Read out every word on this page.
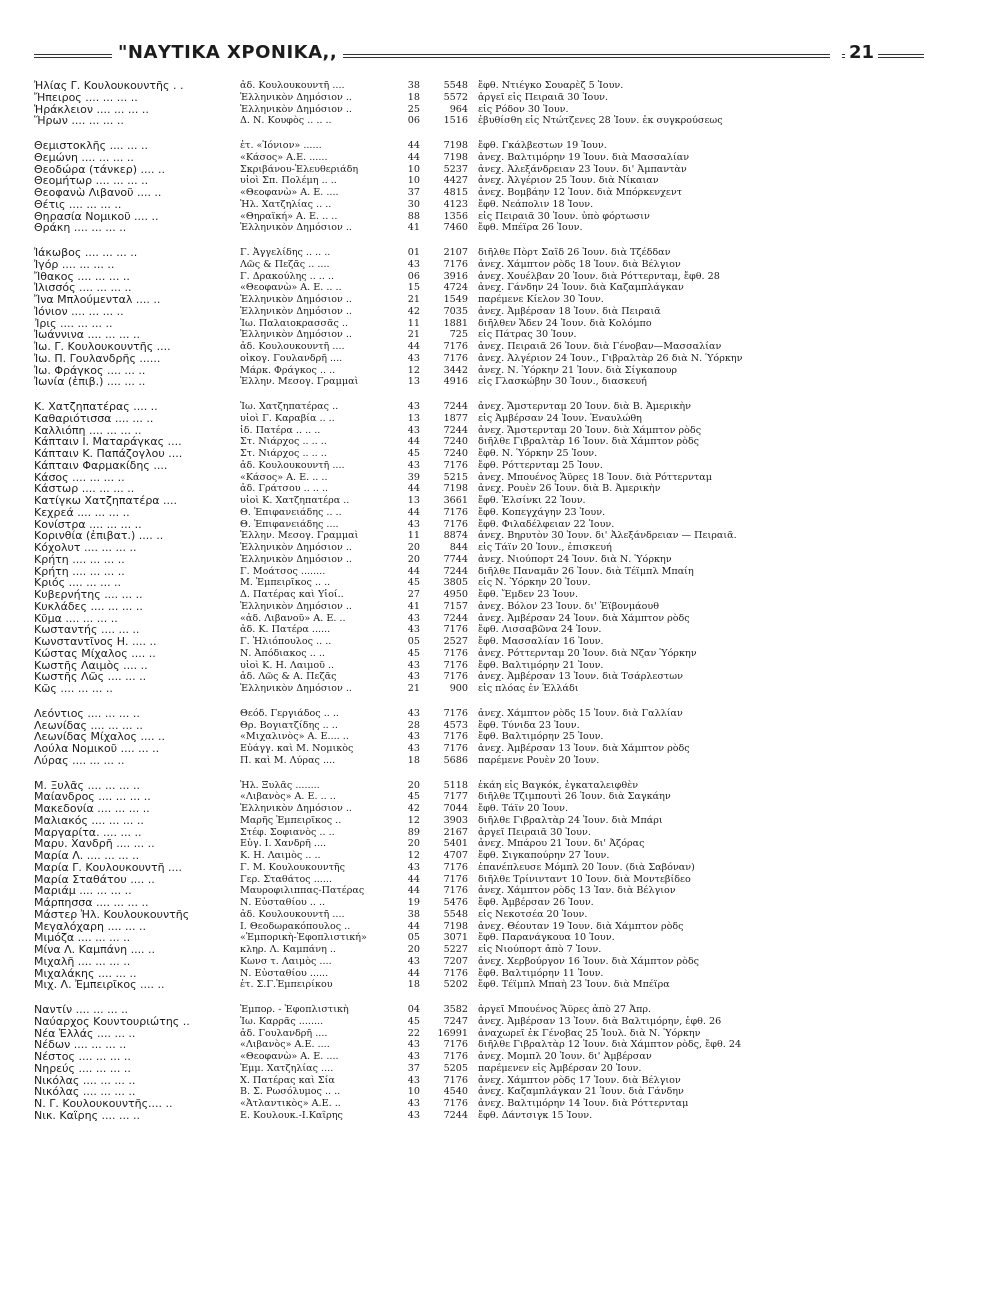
"ΝΑΥΤΙΚΑ ΧΡΟΝΙΚΑ,,	21
Ἠλίας Γ. Κουλουκουντῆς . .	ἀδ. Κουλουκουντῆ ....	38	5548 ἔφθ. Ντιέγκο Σουαρὲζ 5 Ἰουν.
Ἤπειρος .... ... ... ..	Ἑλληνικὸν Δημόσιον ..	18	5572 ἀργεῖ εἰς Πειραιᾶ 30 Ἰουν.
Ἡράκλειον .... ... ... ..	Ἑλληνικὸν Δημόσιον ..	25	964 εἰς Ρόδον 30 Ἰουν.
Ἥρων .... ... ... ..	Δ. Ν. Κουφὸς .. .. ..	06	1516 ἐβυθίσθη εἰς Ντώτζενες 28 Ἰουν. ἐκ συγκρούσεως
Θεμιστοκλῆς .... ... ..	ἐτ. «Ἰόνιον» ......	44	7198 ἔφθ. Γκάλβεστων 19 Ἰουν.
Θεμώνη .... ... ... ..	«Κάσος» Α.Ε. ......	44	7198 ἀνεχ. Βαλτιμόρην 19 Ἰουν. διὰ Μασσαλίαν
Θεοδώρα (τάνκερ) .... ..	Σκριβάνου-Ἐλευθεριάδη	10	5237 ἀνεχ. Ἀλεξάνδρειαν 23 Ἰουν. δι' Ἀμπαντὰν
Θεομήτωρ .... ... ... ..	υἱοὶ Σπ. Πολέμη .. ..	10	4427 ἀνεχ. Ἀλγέριον 25 Ἰουν. διὰ Νίκαιαν
Θεοφανὼ Λιβανοῦ .... ..	«Θεοφανὼ» Α. Ε. ....	37	4815 ἀνεχ. Βομβάην 12 Ἰουν. διὰ Μπόρκενχεντ
Θέτις .... ... ... ..	Ἠλ. Χατζηλίας .. ..	30	4123 ἔφθ. Νεάπολιν 18 Ἰουν.
Θηρασία Νομικοῦ .... ..	«Θηραϊκή» Α. Ε. .. ..	88	1356 εἰς Πειραιᾶ 30 Ἰουν. ὑπὸ φόρτωσιν
Θράκη .... ... ... ..	Ἑλληνικὸν Δημόσιον ..	41	7460 ἔφθ. Μπέϊρα 26 Ἰουν.
Ἰάκωβος .... ... ... ..	Γ. Ἀγγελίδης .. .. ..	01	2107 διῆλθε Πὸρτ Σαΐδ 26 Ἰουν. διὰ Τζέδδαν
Ἰγόρ .... ... ... ..	Λῶς & Πεζᾶς .. ....	43	7176 ἀνεχ. Χάμπτον ρὸδς 18 Ἰουν. διὰ Βέλγιον
Ἴθακος .... ... ... ..	Γ. Δρακούλης .. .. ..	06	3916 ἀνεχ. Χουέλβαν 20 Ἰουν. διὰ Ρόττερνταμ, ἔφθ. 28
Ἰλισσός .... ... ... ..	«Θεοφανὼ» Α. Ε. .. ..	15	4724 ἀνεχ. Γάνδην 24 Ἰουν. διὰ Καζαμπλάγκαν
Ἴνα Μπλούμενταλ .... ..	Ἑλληνικὸν Δημόσιον ..	21	1549 παρέμενε Κίελον 30 Ἰουν.
Ἰόνιον .... ... ... ..	Ἑλληνικὸν Δημόσιον ..	42	7035 ἀνεχ. Ἀμβέρσαν 18 Ἰουν. διὰ Πειραιᾶ
Ἶρις .... ... ... ..	Ἰω. Παλαιοκρασσᾶς ..	11	1881 διῆλθεν Ἄδεν 24 Ἰουν. διὰ Κολόμπο
Ἰωάννινα .... ... ... ..	Ἑλληνικὸν Δημόσιον ..	21	725 εἰς Πάτρας 30 Ἰουν.
Ἰω. Γ. Κουλουκουντῆς ....	ἀδ. Κουλουκουντῆ ....	44	7176 ἀνεχ. Πειραιᾶ 26 Ἰουν. διὰ Γένοβαν—Μασσαλίαν
Ἰω. Π. Γουλανδρῆς ......	οἰκογ. Γουλανδρῆ ....	43	7176 ἀνεχ. Ἀλγέριον 24 Ἰουν., Γιβραλτὰρ 26 διὰ Ν. Ὑόρκην
Ἰω. Φράγκος .... ... ..	Μάρκ. Φράγκος .. ..	12	3442 ἀνεχ. Ν. Ὑόρκην 21 Ἰουν. διὰ Σίγκαπουρ
Ἰωνία (ἐπιβ.) .... ... ..	Ἑλλην. Μεσογ. Γραμμαὶ	13	4916 εἰς Γλασκώβην 30 Ἰουν., διασκευή
Κ. Χατζηπατέρας .... ..	Ἰω. Χατζηπατέρας ..	43	7244 ἀνεχ. Ἄμστερνταμ 20 Ἰουν. διὰ Β. Ἀμερικὴν
Καθαριότισσα .... ... ..	υἱοὶ Γ. Καραβία .. ..	13	1877 εἰς Ἀμβέρσαν 24 Ἰουν. Ἐναυλώθη
Καλλιόπη .... ... ... ..	ἰδ. Πατέρα .. .. ..	43	7244 ἀνεχ. Ἄμστερνταμ 20 Ἰουν. διὰ Χάμπτον ρὸδς
Κάπταιν Ι. Ματαράγκας ....	Στ. Νιάρχος .. .. ..	44	7240 διῆλθε Γιβραλτὰρ 16 Ἰουν. διὰ Χάμπτον ρὸδς
Κάπταιν Κ. Παπάζογλου ....	Στ. Νιάρχος .. .. ..	45	7240 ἔφθ. Ν. Ὑόρκην 25 Ἰουν.
Κάπταιν Φαρμακίδης ....	ἀδ. Κουλουκουντῆ ....	43	7176 ἔφθ. Ρόττερνταμ 25 Ἰουν.
Κάσος .... ... ... ..	«Κάσος» Α. Ε. .. ..	39	5215 ἀνεχ. Μπουένος Ἄϋρες 18 Ἰουν. διὰ Ρόττερνταμ
Κάστωρ .... ... ... ..	ἀδ. Γράτσου .. .. ..	44	7198 ἀνεχ. Ρουὲν 26 Ἰουν. διὰ Β. Ἀμερικὴν
Κατίγκω Χατζηπατέρα ....	υἱοὶ Κ. Χατζηπατέρα ..	13	3661 ἔφθ. Ἑλσίνκι 22 Ἰουν.
Κεχρεά .... ... ... ..	Θ. Ἐπιφανειάδης .. ..	44	7176 ἔφθ. Κοπεγχάγην 23 Ἰουν.
Κονίστρα .... ... ... ..	Θ. Ἐπιφανειάδης ....	43	7176 ἔφθ. Φιλαδέλφειαν 22 Ἰουν.
Κορινθία (ἐπιβατ.) .... ..	Ἑλλην. Μεσογ. Γραμμαὶ	11	8874 ἀνεχ. Βηρυτὸν 30 Ἰουν. δι' Ἀλεξάνδρειαν — Πειραιᾶ.
Κόχολυτ .... ... ... ..	Ἑλληνικὸν Δημόσιον ..	20	844 εἰς Τάϊν 20 Ἰουν., ἐπισκευή
Κρήτη .... ... ... ..	Ἑλληνικὸν Δημόσιον ..	20	7744 ἀνεχ. Νιούπορτ 24 Ἰουν. διὰ Ν. Ὑόρκην
Κρήτη .... ... ... ..	Γ. Μοάτσος ........	44	7244 διῆλθε Παναμᾶν 26 Ἰουν. διὰ Τέϊμπλ Μπαίη
Κριός .... ... ... ..	Μ. Ἐμπειρῖκος .. ..	45	3805 εἰς Ν. Ὑόρκην 20 Ἰουν.
Κυβερνήτης .... ... ..	Δ. Πατέρας καὶ Υἱοί..	27	4950 ἔφθ. Ἔμδεν 23 Ἰουν.
Κυκλάδες .... ... ... ..	Ἑλληνικὸν Δημόσιον ..	41	7157 ἀνεχ. Βόλον 23 Ἰουν. δι' Ἐϊβονμάουθ
Κῦμα .... ... ... ..	«ἀδ. Λιβανοῦ» Α. Ε. ..	43	7244 ἀνεχ. Ἀμβέρσαν 24 Ἰουν. διὰ Χάμπτον ρὸδς
Κωσταντής .... ... ..	ἀδ. Κ. Πατέρα ......	43	7176 ἔφθ. Λισσαβῶνα 24 Ἰουν.
Κωνσταντῖνος Η. .... ..	Γ. Ἡλιόπουλος .. ..	05	2527 ἔφθ. Μασσαλίαν 16 Ἰουν.
Κώστας Μίχαλος .... ..	Ν. Ἀπόδιακος .. ..	45	7176 ἀνεχ. Ρόττερνταμ 20 Ἰουν. διὰ Νζαν Ὑόρκην
Κωστῆς Λαιμὸς .... ..	υἱοὶ Κ. Η. Λαιμοῦ ..	43	7176 ἔφθ. Βαλτιμόρην 21 Ἰουν.
Κωστῆς Λῶς .... ... ..	ἀδ. Λῶς & Α. Πεζᾶς	43	7176 ἀνεχ. Ἀμβέρσαν 13 Ἰουν. διὰ Τσάρλεστων
Κῶς .... ... ... ..	Ἑλληνικὸν Δημόσιον ..	21	900 εἰς πλόας ἐν Ἑλλάδι
Λεόντιος .... ... ... ..	Θεόδ. Γεργιάδος .. ..	43	7176 ἀνεχ. Χάμπτον ρὸδς 15 Ἰουν. διὰ Γαλλίαν
Λεωνίδας .... ... ... ..	Θρ. Βογιατζίδης .. ..	28	4573 ἔφθ. Τύνιδα 23 Ἰουν.
Λεωνίδας Μίχαλος .... ..	«Μιχαλινὸς» Α. Ε.... ..	43	7176 ἔφθ. Βαλτιμόρην 25 Ἰουν.
Λούλα Νομικοῦ .... ... ..	Εὐάγγ. καὶ Μ. Νομικὸς	43	7176 ἀνεχ. Ἀμβέρσαν 13 Ἰουν. διὰ Χάμπτον ρὸδς
Λύρας .... ... ... ..	Π. καὶ Μ. Λύρας ....	18	5686 παρέμενε Ρουὲν 20 Ἰουν.
Μ. Ξυλᾶς .... ... ... ..	Ἠλ. Ξυλᾶς ........	20	5118 ἐκάη εἰς Βαγκόκ, ἐγκαταλειφθὲν
Μαίανδρος .... ... ... ..	«Λιβανὸς» Α. Ε. .. ..	45	7177 διῆλθε Τζιμπουτὶ 26 Ἰουν. διὰ Σαγκάην
Μακεδονία .... ... ... ..	Ἑλληνικὸν Δημόσιον ..	42	7044 ἔφθ. Τάϊν 20 Ἰουν.
Μαλιακός .... ... ... ..	Μαρῆς Ἐμπειρῖκος ..	12	3903 διῆλθε Γιβραλτὰρ 24 Ἰουν. διὰ Μπάρι
Μαργαρίτα. .... ... ..	Στέφ. Σοφιανὸς .. ..	89	2167 ἀργεῖ Πειραιᾶ 30 Ἰουν.
Μαρυ. Χανδρῆ .... ... ..	Εὐγ. Ι. Χανδρῆ ....	20	5401 ἀνεχ. Μπάρου 21 Ἰουν. δι' Ἀζόρας
Μαρία Λ. .... ... ... ..	Κ. Η. Λαιμὸς .. ..	12	4707 ἔφθ. Σιγκαπούρην 27 Ἰουν.
Μαρία Γ. Κουλουκουντῆ ....	Γ. Μ. Κουλουκουντῆς	43	7176 ἐπανέπλευσε Μόμπλ 20 Ἰουν. (διὰ Σαβόναν)
Μαρία Σταθάτου .... ..	Γερ. Σταθάτος ......	44	7176 διῆλθε Τρίνινταντ 10 Ἰουν. διὰ Μοντεβίδεο
Μαριάμ .... ... ... ..	Μαυροφιλιππας-Πατέρας	44	7176 ἀνεχ. Χάμπτον ρὸδς 13 Ἰαν. διὰ Βέλγιον
Μάρπησσα .... ... ... ..	Ν. Εὐσταθίου .. ..	19	5476 ἔφθ. Ἀμβέρσαν 26 Ἰουν.
Μάστερ Ἠλ. Κουλουκουντῆς	ἀδ. Κουλουκουντῆ ....	38	5548 εἰς Νεκοτσέα 20 Ἰουν.
Μεγαλόχαρη .... ... ..	Ι. Θεοδωρακόπουλος ..	44	7198 ἀνεχ. Θέουταν 19 Ἰουν. διὰ Χάμπτον ρὸδς
Μιμόζα .... ... ... ..	«Ἐμπορικὴ-Ἐφοπλιστική»	05	3071 ἔφθ. Παρανάγκουα 10 Ἰουν.
Μίνα Λ. Καμπάνη .... ..	κληρ. Λ. Καμπάνη ..	20	5227 εἰς Νιούπορτ ἀπὸ 7 Ἰουν.
Μιχαλῆ .... ... ... ..	Κωνσ τ. Λαιμὸς ....	43	7207 ἀνεχ. Χερβούργον 16 Ἰουν. διὰ Χάμπτον ρὸδς
Μιχαλάκης .... ... ..	Ν. Εὐσταθίου ......	44	7176 ἔφθ. Βαλτιμόρην 11 Ἰουν.
Μιχ. Λ. Ἐμπειρῖκος .... ..	ἐτ. Σ.Γ.Ἐμπειρίκου	18	5202 ἔφθ. Τέϊμπλ Μπαὴ 23 Ἰουν. διὰ Μπέϊρα
Ναντίν .... ... ... ..	Ἐμπορ. - Ἐφοπλιστικὴ	04	3582 ἀργεῖ Μπουένος Ἄϋρες ἀπὸ 27 Ἀπρ.
Ναύαρχος Κουντουριώτης ..	Ἰω. Καρρᾶς ........	45	7247 ἀνεχ. Ἀμβέρσαν 13 Ἰουν. διὰ Βαλτιμόρην, ἐφθ. 26
Νέα Ἑλλάς .... ... ..	ἀδ. Γουλανδρῆ ....	22	16991 ἀναχωρεῖ ἐκ Γένοβας 25 Ἰουλ. διὰ Ν. Ὑόρκην
Νέδων .... ... ... ..	«Λιβανὸς» Α.Ε. ....	43	7176 διῆλθε Γιβραλτὰρ 12 Ἰουν. διὰ Χάμπτον ρὸδς, ἔφθ. 24
Νέστος .... ... ... ..	«Θεοφανὼ» Α. Ε. ....	43	7176 ἀνεχ. Μομπλ 20 Ἰουν. δι' Ἀμβέρσαν
Νηρεύς .... ... ... ..	Ἐμμ. Χατζηλίας ....	37	5205 παρέμενεν εἰς Ἀμβέρσαν 20 Ἰουν.
Νικόλας .... ... ... ..	Χ. Πατέρας καὶ Σία	43	7176 ἀνεχ. Χάμπτον ρὸδς 17 Ἰουν. διὰ Βέλγιον
Νικόλας .... ... ... ..	Β. Σ. Ρωσόλυμος .. ..	10	4540 ἀνεχ. Καζαμπλάγκαν 21 Ἰουν. διὰ Γάνδην
Ν. Γ. Κουλουκουντῆς.... ..	«Ἀτλαντικὸς» Α.Ε. ..	43	7176 ἀνεχ. Βαλτιμόρην 14 Ἰουν. διὰ Ρόττερνταμ
Νικ. Καΐρης .... ... ..	Ε. Κουλουκ.-Ι.Καΐρης	43	7244 ἔφθ. Δάντσιγκ 15 Ἰουν.
